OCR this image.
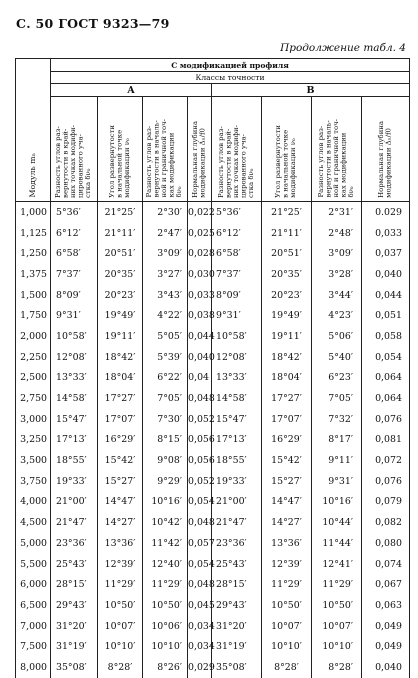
С. 50 ГОСТ 9323—79
Продолжение табл. 4
Модуль mₙ	С модификацией профиля							
	Классы точности							
	А				В			

	Разность углов раз-
вернутости в край-
них точках модифи-
цированного уча-
стка δν₀	Угол развернутости
в начальной точке
модификации ν₀	Разность углов раз-
вернутости в началь-
ной и граничной точ-
ках модификации
δν₀	Нормальная глубина
модификации Δₙ/f0	Разность углов раз-
вернутости в край-
них точках модифи-
цированного уча-
стка δν₀	Угол развернутости
в начальной точке
модификации ν₀	Разность углов раз-
вернутости в началь-
ной и граничной точ-
ках модификации
δν₀	Нормальная глубина
модификации Δₙ/f0

1,000	5°36′	21°25′	2°30′	0,022	5°36′	21°25′	2°31′	0.029
1,125	6°12′	21°11′	2°47′	0,025	6°12′	21°11′	2°48′	0,033
1,250	6°58′	20°51′	3°09′	0,028	6°58′	20°51′	3°09′	0,037
1,375	7°37′	20°35′	3°27′	0,030	7°37′	20°35′	3°28′	0,040
1,500	8°09′	20°23′	3°43′	0,033	8°09′	20°23′	3°44′	0,044
1,750	9°31′	19°49′	4°22′	0,038	9°31′	19°49′	4°23′	0,051
2,000	10°58′	19°11′	5°05′	0,044	10°58′	19°11′	5°06′	0,058
2,250	12°08′	18°42′	5°39′	0,040	12°08′	18°42′	5°40′	0,054
2,500	13°33′	18°04′	6°22′	0,04	13°33′	18°04′	6°23′	0,064
2,750	14°58′	17°27′	7°05′	0,048	14°58′	17°27′	7°05′	0,064
3,000	15°47′	17°07′	7°30′	0,052	15°47′	17°07′	7°32′	0,076
3,250	17°13′	16°29′	8°15′	0,056	17°13′	16°29′	8°17′	0,081
3,500	18°55′	15°42′	9°08′	0,056	18°55′	15°42′	9°11′	0,072
3,750	19°33′	15°27′	9°29′	0,052	19°33′	15°27′	9°31′	0,076
4,000	21°00′	14°47′	10°16′	0,054	21°00′	14°47′	10°16′	0,079
4,500	21°47′	14°27′	10°42′	0,048	21°47′	14°27′	10°44′	0,082
5,000	23°36′	13°36′	11°42′	0,057	23°36′	13°36′	11°44′	0,080
5,500	25°43′	12°39′	12°40′	0,054	25°43′	12°39′	12°41′	0,074
6,000	28°15′	11°29′	11°29′	0,048	28°15′	11°29′	11°29′	0,067
6,500	29°43′	10°50′	10°50′	0,045	29°43′	10°50′	10°50′	0,063
7,000	31°20′	10°07′	10°06′	0,034	31°20′	10°07′	10°07′	0,049
7,500	31°19′	10°10′	10°10′	0,034	31°19′	10°10′	10°10′	0,049
8,000	35°08′	8°28′	8°26′	0,029	35°08′	8°28′	8°28′	0,040
